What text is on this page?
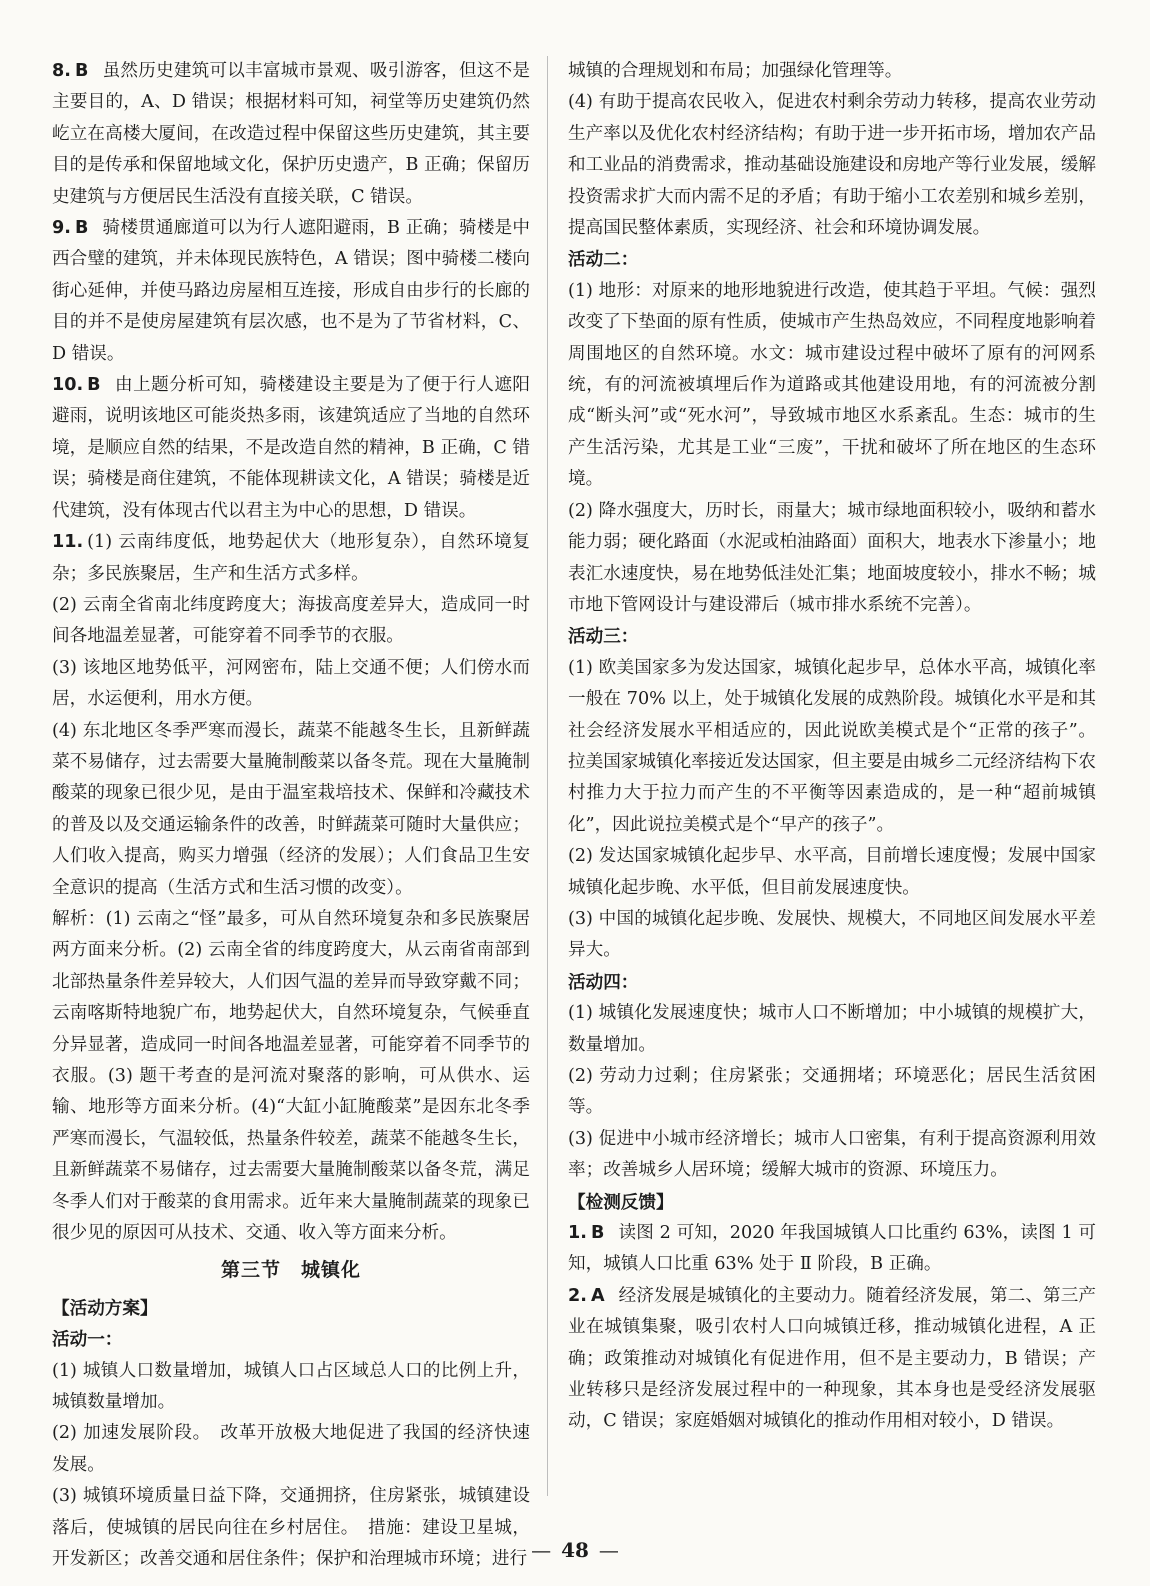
8. B 虽然历史建筑可以丰富城市景观、吸引游客，但这不是主要目的，A、D 错误；根据材料可知，祠堂等历史建筑仍然屹立在高楼大厦间，在改造过程中保留这些历史建筑，其主要目的是传承和保留地域文化，保护历史遗产，B 正确；保留历史建筑与方便居民生活没有直接关联，C 错误。

9. B 骑楼贯通廊道可以为行人遮阳避雨，B 正确；骑楼是中西合璧的建筑，并未体现民族特色，A 错误；图中骑楼二楼向街心延伸，并使马路边房屋相互连接，形成自由步行的长廊的目的并不是使房屋建筑有层次感，也不是为了节省材料，C、D 错误。

10. B 由上题分析可知，骑楼建设主要是为了便于行人遮阳避雨，说明该地区可能炎热多雨，该建筑适应了当地的自然环境，是顺应自然的结果，不是改造自然的精神，B 正确，C 错误；骑楼是商住建筑，不能体现耕读文化，A 错误；骑楼是近代建筑，没有体现古代以君主为中心的思想，D 错误。

11. (1) 云南纬度低，地势起伏大（地形复杂），自然环境复杂；多民族聚居，生产和生活方式多样。

(2) 云南全省南北纬度跨度大；海拔高度差异大，造成同一时间各地温差显著，可能穿着不同季节的衣服。

(3) 该地区地势低平，河网密布，陆上交通不便；人们傍水而居，水运便利，用水方便。

(4) 东北地区冬季严寒而漫长，蔬菜不能越冬生长，且新鲜蔬菜不易储存，过去需要大量腌制酸菜以备冬荒。现在大量腌制酸菜的现象已很少见，是由于温室栽培技术、保鲜和冷藏技术的普及以及交通运输条件的改善，时鲜蔬菜可随时大量供应；人们收入提高，购买力增强（经济的发展）；人们食品卫生安全意识的提高（生活方式和生活习惯的改变）。

解析：(1) 云南之“怪”最多，可从自然环境复杂和多民族聚居两方面来分析。(2) 云南全省的纬度跨度大，从云南省南部到北部热量条件差异较大，人们因气温的差异而导致穿戴不同；云南喀斯特地貌广布，地势起伏大，自然环境复杂，气候垂直分异显著，造成同一时间各地温差显著，可能穿着不同季节的衣服。(3) 题干考查的是河流对聚落的影响，可从供水、运输、地形等方面来分析。(4)“大缸小缸腌酸菜”是因东北冬季严寒而漫长，气温较低，热量条件较差，蔬菜不能越冬生长，且新鲜蔬菜不易储存，过去需要大量腌制酸菜以备冬荒，满足冬季人们对于酸菜的食用需求。近年来大量腌制蔬菜的现象已很少见的原因可从技术、交通、收入等方面来分析。

第三节　城镇化

【活动方案】

活动一：

(1) 城镇人口数量增加，城镇人口占区域总人口的比例上升，城镇数量增加。

(2) 加速发展阶段。　改革开放极大地促进了我国的经济快速发展。

(3) 城镇环境质量日益下降，交通拥挤，住房紧张，城镇建设落后，使城镇的居民向往在乡村居住。　措施：建设卫星城，开发新区；改善交通和居住条件；保护和治理城市环境；进行

城镇的合理规划和布局；加强绿化管理等。

(4) 有助于提高农民收入，促进农村剩余劳动力转移，提高农业劳动生产率以及优化农村经济结构；有助于进一步开拓市场，增加农产品和工业品的消费需求，推动基础设施建设和房地产等行业发展，缓解投资需求扩大而内需不足的矛盾；有助于缩小工农差别和城乡差别，提高国民整体素质，实现经济、社会和环境协调发展。

活动二：

(1) 地形：对原来的地形地貌进行改造，使其趋于平坦。气候：强烈改变了下垫面的原有性质，使城市产生热岛效应，不同程度地影响着周围地区的自然环境。水文：城市建设过程中破坏了原有的河网系统，有的河流被填埋后作为道路或其他建设用地，有的河流被分割成“断头河”或“死水河”，导致城市地区水系紊乱。生态：城市的生产生活污染，尤其是工业“三废”，干扰和破坏了所在地区的生态环境。

(2) 降水强度大，历时长，雨量大；城市绿地面积较小，吸纳和蓄水能力弱；硬化路面（水泥或柏油路面）面积大，地表水下渗量小；地表汇水速度快，易在地势低洼处汇集；地面坡度较小，排水不畅；城市地下管网设计与建设滞后（城市排水系统不完善）。

活动三：

(1) 欧美国家多为发达国家，城镇化起步早，总体水平高，城镇化率一般在 70% 以上，处于城镇化发展的成熟阶段。城镇化水平是和其社会经济发展水平相适应的，因此说欧美模式是个“正常的孩子”。拉美国家城镇化率接近发达国家，但主要是由城乡二元经济结构下农村推力大于拉力而产生的不平衡等因素造成的，是一种“超前城镇化”，因此说拉美模式是个“早产的孩子”。

(2) 发达国家城镇化起步早、水平高，目前增长速度慢；发展中国家城镇化起步晚、水平低，但目前发展速度快。

(3) 中国的城镇化起步晚、发展快、规模大，不同地区间发展水平差异大。

活动四：

(1) 城镇化发展速度快；城市人口不断增加；中小城镇的规模扩大，数量增加。

(2) 劳动力过剩；住房紧张；交通拥堵；环境恶化；居民生活贫困等。

(3) 促进中小城市经济增长；城市人口密集，有利于提高资源利用效率；改善城乡人居环境；缓解大城市的资源、环境压力。

【检测反馈】

1. B 读图 2 可知，2020 年我国城镇人口比重约 63%，读图 1 可知，城镇人口比重 63% 处于 Ⅱ 阶段，B 正确。

2. A 经济发展是城镇化的主要动力。随着经济发展，第二、第三产业在城镇集聚，吸引农村人口向城镇迁移，推动城镇化进程，A 正确；政策推动对城镇化有促进作用，但不是主要动力，B 错误；产业转移只是经济发展过程中的一种现象，其本身也是受经济发展驱动，C 错误；家庭婚姻对城镇化的推动作用相对较小，D 错误。

— 48 —
